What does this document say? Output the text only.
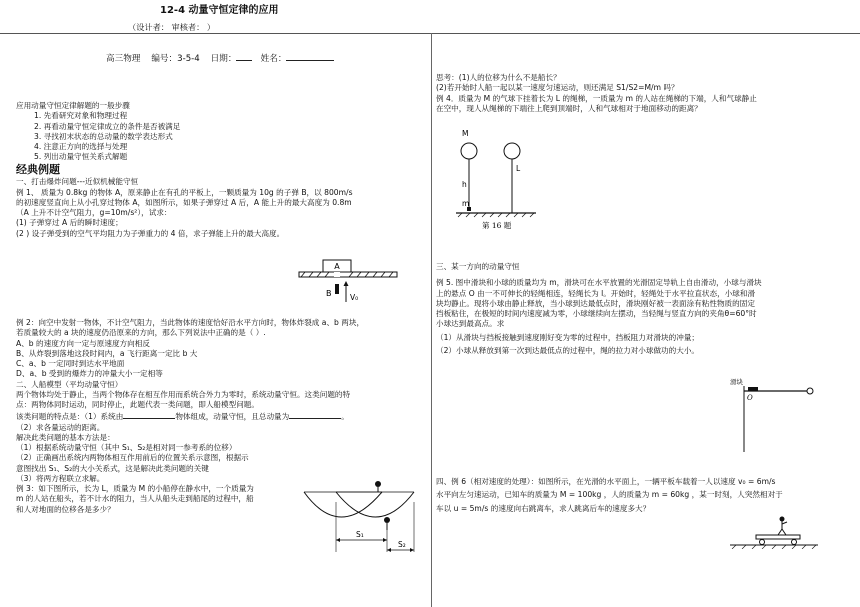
12-4 动量守恒定律的应用
（设计者： 审核者： ）
高三物理 编号：3-5-4 日期：	姓名：

应用动量守恒定律解题的一般步骤

1. 先看研究对象和物理过程
2. 再看动量守恒定律成立的条件是否被满足
3. 寻找初末状态的总动量的数学表达形式
4. 注意正方向的选择与处理
5. 列出动量守恒关系式解题

经典例题

一、打击爆炸问题---近似机械能守恒

例 1、 质量为 0.8kg 的物体 A，原来静止在有孔的平板上，一颗质量为 10g 的子弹 B，以 800m/s

的初速度竖直向上从小孔穿过物体 A，如图所示，如果子弹穿过 A 后，A 能上升的最大高度为 0.8m

（A 上升不计空气阻力，g=10m/s²），试求：

(1) 子弹穿过 A 后的瞬时速度；

(2 ) 设子弹受到的空气平均阻力为子弹重力的 4 倍，求子弹能上升的最大高度。

A
B V₀

例 2：向空中发射一物体，不计空气阻力，当此物体的速度恰好沿水平方向时，物体炸裂成 a、b 两块，

若质量较大的 a 块的速度仍沿原来的方向，那么下列说法中正确的是（ ）.

A、b 的速度方向一定与原速度方向相反

B、从炸裂到落地这段时间内，a 飞行距离一定比 b 大

C、a、b 一定同时到达水平地面

D、a、b 受到的爆炸力的冲量大小一定相等

二、人船模型（平均动量守恒）

两个物体均处于静止，当两个物体存在相互作用而系统合外力为零时，系统动量守恒。这类问题的特

点：两物体同时运动，同时停止，此题代表一类问题，即人船模型问题。

该类问题的特点是：（1）系统由	物体组成，动量守恒，且总动量为	。

（2）求各量运动的距离。

解决此类问题的基本方法是：

（1）根据系统动量守恒（其中 S₁、S₂是相对同一参考系的位移）

（2）正确画出系统内两物体相互作用前后的位置关系示意图，根据示

意图找出 S₁、S₂的大小关系式，这是解决此类问题的关键

（3）将两方程联立求解。

例 3：如下图所示，长为 L，质量为 M 的小船停在静水中，一个质量为

m 的人站在船头，若不计水的阻力，当人从船头走到船尾的过程中，船

和人对地面的位移各是多少？

S₁
S₂

思考：(1)人的位移为什么不是船长？

(2)若开始时人船一起以某一速度匀速运动，则还满足 S1/S2=M/m 吗？

例 4．质量为 M 的气球下挂着长为 L 的绳梯，一质量为 m 的人站在绳梯的下端，人和气球静止

在空中，现人从绳梯的下端往上爬到顶端时，人和气球相对于地面移动的距离？

M
h
m
L
第 16 题

三、某一方向的动量守恒

例 5. 图中滑块和小球的质量均为 m，滑块可在水平放置的光滑固定导轨上自由滑动，小球与滑块

上的悬点 O 由一不可伸长的轻绳相连，轻绳长为 l。开始时，轻绳处于水平拉直状态，小球和滑

块均静止。现将小球由静止释放，当小球到达最低点时，滑块刚好被一表面涂有粘性物质的固定

挡板粘住，在极短的时间内速度减为零，小球继续向左摆动，当轻绳与竖直方向的夹角θ=60°时

小球达到最高点。求

（1）从滑块与挡板接触到速度刚好变为零的过程中，挡板阻力对滑块的冲量；

（2）小球从释放到第一次到达最低点的过程中，绳的拉力对小球做功的大小。

滑块
O

四、例 6（相对速度的处理）：如图所示，在光滑的水平面上，一辆平板车载着一人以速度 v₀ = 6m/s

水平向左匀速运动，已知车的质量为 M = 100kg ，人的质量为 m = 60kg ，某一时刻，人突然相对于

车以 u = 5m/s 的速度向右跳离车，求人跳离后车的速度多大？
